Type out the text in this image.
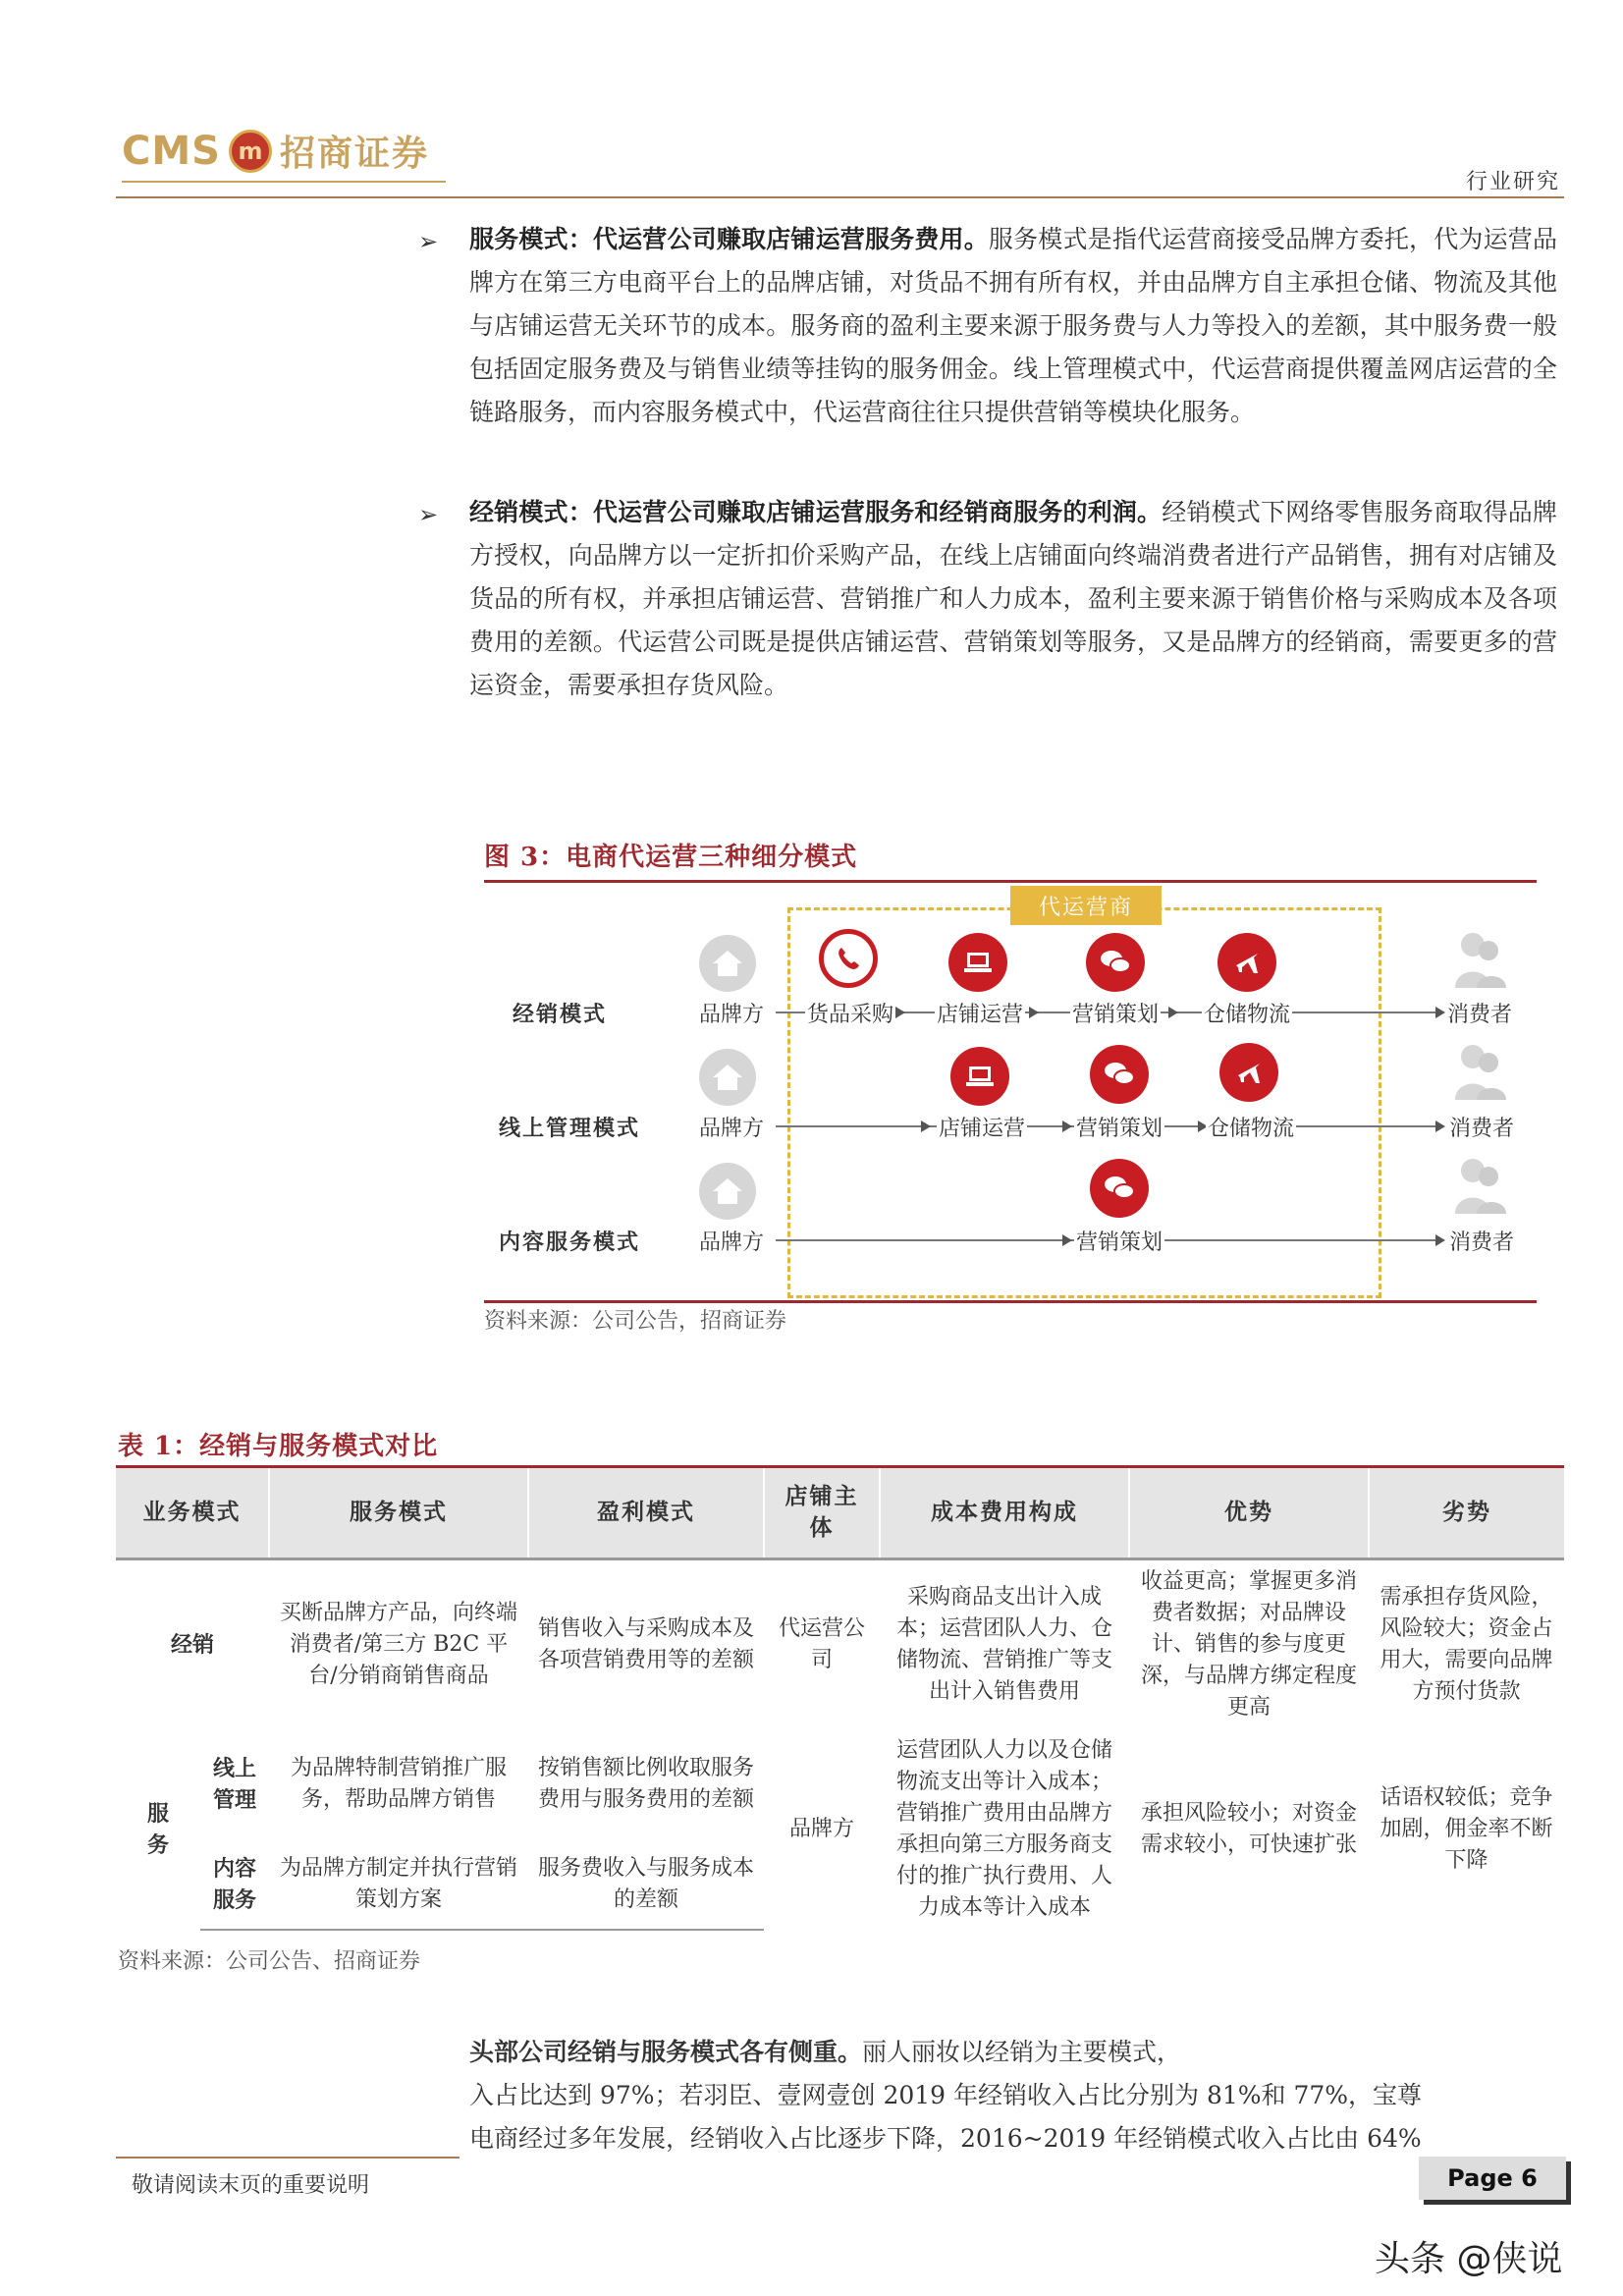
CMS m 招商证券
行业研究
➢ 服务模式：代运营公司赚取店铺运营服务费用。服务模式是指代运营商接受品牌方委托，代为运营品牌方在第三方电商平台上的品牌店铺，对货品不拥有所有权，并由品牌方自主承担仓储、物流及其他与店铺运营无关环节的成本。服务商的盈利主要来源于服务费与人力等投入的差额，其中服务费一般包括固定服务费及与销售业绩等挂钩的服务佣金。线上管理模式中，代运营商提供覆盖网店运营的全链路服务，而内容服务模式中，代运营商往往只提供营销等模块化服务。
➢ 经销模式：代运营公司赚取店铺运营服务和经销商服务的利润。经销模式下网络零售服务商取得品牌方授权，向品牌方以一定折扣价采购产品，在线上店铺面向终端消费者进行产品销售，拥有对店铺及货品的所有权，并承担店铺运营、营销推广和人力成本，盈利主要来源于销售价格与采购成本及各项费用的差额。代运营公司既是提供店铺运营、营销策划等服务，又是品牌方的经销商，需要更多的营运资金，需要承担存货风险。
图 3：电商代运营三种细分模式
代运营商
经销模式	品牌方 货品采购 店铺运营 营销策划 仓储物流	消费者
线上管理模式	品牌方	店铺运营 营销策划 仓储物流	消费者
内容服务模式	品牌方	营销策划	消费者
资料来源：公司公告，招商证券
表 1：经销与服务模式对比
业务模式		服务模式	盈利模式	店铺主体	成本费用构成	优势	劣势
经销		买断品牌方产品，向终端消费者/第三方 B2C 平台/分销商销售商品	销售收入与采购成本及各项营销费用等的差额	代运营公司	采购商品支出计入成本；运营团队人力、仓储物流、营销推广等支出计入销售费用	收益更高；掌握更多消费者数据；对品牌设计、销售的参与度更深，与品牌方绑定程度更高	需承担存货风险，风险较大；资金占用大，需要向品牌方预付货款
服务	线上管理	为品牌特制营销推广服务，帮助品牌方销售	按销售额比例收取服务费用与服务费用的差额	品牌方	运营团队人力以及仓储物流支出等计入成本；营销推广费用由品牌方承担向第三方服务商支付的推广执行费用、人力成本等计入成本	承担风险较小；对资金需求较小，可快速扩张	话语权较低；竞争加剧，佣金率不断下降
	内容服务	为品牌方制定并执行营销策划方案	服务费收入与服务成本的差额				
资料来源：公司公告、招商证券
头部公司经销与服务模式各有侧重。丽人丽妆以经销为主要模式，
入占比达到 97%；若羽臣、壹网壹创 2019 年经销收入占比分别为 81%和 77%，宝尊
电商经过多年发展，经销收入占比逐步下降，2016~2019 年经销模式收入占比由 64%
敬请阅读末页的重要说明	Page 6
头条 @侠说
